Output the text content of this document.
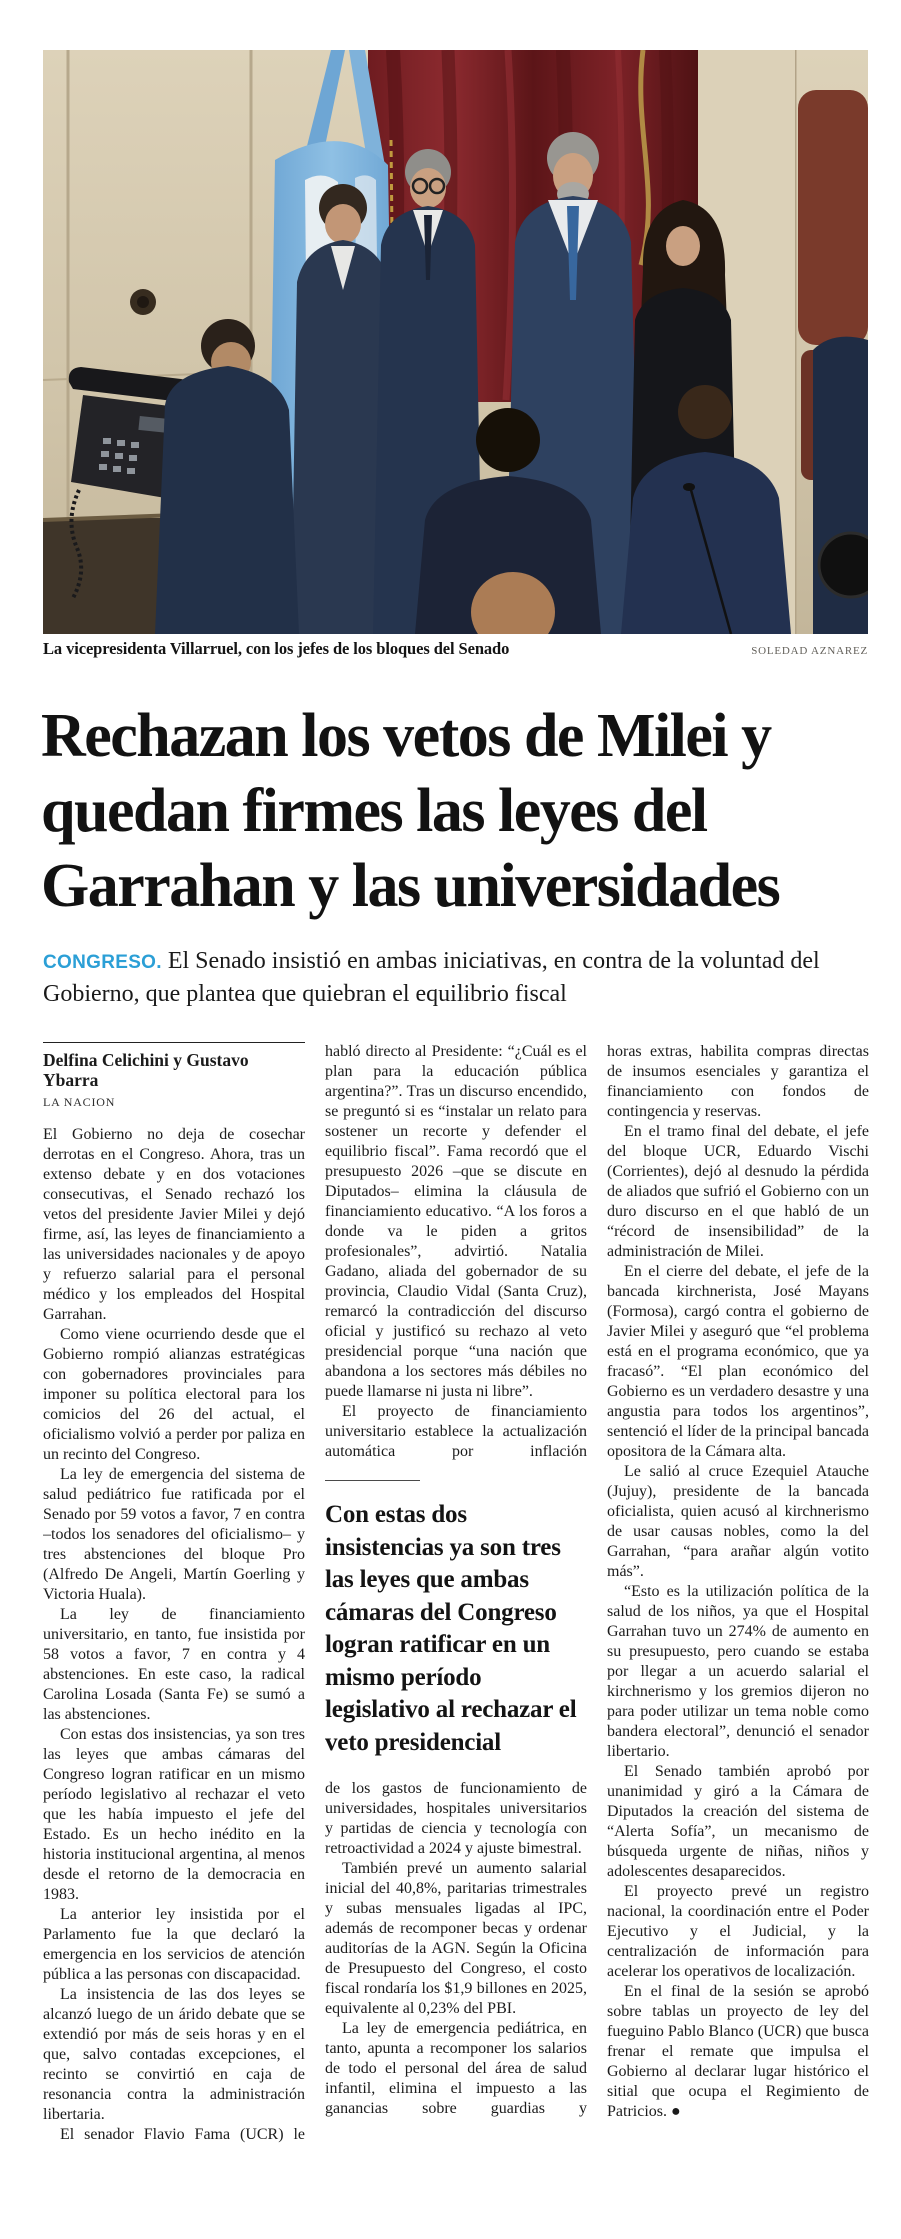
La vicepresidenta Villarruel, con los jefes de los bloques del Senado	SOLEDAD AZNAREZ
Rechazan los vetos de Milei y
quedan firmes las leyes del
Garrahan y las universidades

CONGRESO. El Senado insistió en ambas iniciativas, en contra de la voluntad del Gobierno, que plantea que quiebran el equilibrio fiscal

Delfina Celichini y Gustavo Ybarra
LA NACION

El Gobierno no deja de cosechar derrotas en el Congreso. Ahora, tras un extenso debate y en dos votaciones consecutivas, el Senado rechazó los vetos del presidente Javier Milei y dejó firme, así, las leyes de financiamiento a las universidades nacionales y de apoyo y refuerzo salarial para el personal médico y los empleados del Hospital Garrahan.

Como viene ocurriendo desde que el Gobierno rompió alianzas estratégicas con gobernadores provinciales para imponer su política electoral para los comicios del 26 del actual, el oficialismo volvió a perder por paliza en un recinto del Congreso.

La ley de emergencia del sistema de salud pediátrico fue ratificada por el Senado por 59 votos a favor, 7 en contra –todos los senadores del oficialismo– y tres abstenciones del bloque Pro (Alfredo De Angeli, Martín Goerling y Victoria Huala).

La ley de financiamiento universitario, en tanto, fue insistida por 58 votos a favor, 7 en contra y 4 abstenciones. En este caso, la radical Carolina Losada (Santa Fe) se sumó a las abstenciones.

Con estas dos insistencias, ya son tres las leyes que ambas cámaras del Congreso logran ratificar en un mismo período legislativo al rechazar el veto que les había impuesto el jefe del Estado. Es un hecho inédito en la historia institucional argentina, al menos desde el retorno de la democracia en 1983.

La anterior ley insistida por el Parlamento fue la que declaró la emergencia en los servicios de atención pública a las personas con discapacidad.

La insistencia de las dos leyes se alcanzó luego de un árido debate que se extendió por más de seis horas y en el que, salvo contadas excepciones, el recinto se convirtió en caja de resonancia contra la administración libertaria.

El senador Flavio Fama (UCR) le

habló directo al Presidente: “¿Cuál es el plan para la educación pública argentina?”. Tras un discurso encendido, se preguntó si es “instalar un relato para sostener un recorte y defender el equilibrio fiscal”. Fama recordó que el presupuesto 2026 –que se discute en Diputados– elimina la cláusula de financiamiento educativo. “A los foros a donde va le piden a gritos profesionales”, advirtió. Natalia Gadano, aliada del gobernador de su provincia, Claudio Vidal (Santa Cruz), remarcó la contradicción del discurso oficial y justificó su rechazo al veto presidencial porque “una nación que abandona a los sectores más débiles no puede llamarse ni justa ni libre”.

El proyecto de financiamiento universitario establece la actualización automática por inflación

Con estas dos insistencias ya son tres las leyes que ambas cámaras del Congreso logran ratificar en un mismo período legislativo al rechazar el veto presidencial

de los gastos de funcionamiento de universidades, hospitales universitarios y partidas de ciencia y tecnología con retroactividad a 2024 y ajuste bimestral.

También prevé un aumento salarial inicial del 40,8%, paritarias trimestrales y subas mensuales ligadas al IPC, además de recomponer becas y ordenar auditorías de la AGN. Según la Oficina de Presupuesto del Congreso, el costo fiscal rondaría los $1,9 billones en 2025, equivalente al 0,23% del PBI.

La ley de emergencia pediátrica, en tanto, apunta a recomponer los salarios de todo el personal del área de salud infantil, elimina el impuesto a las ganancias sobre guardias y

horas extras, habilita compras directas de insumos esenciales y garantiza el financiamiento con fondos de contingencia y reservas.

En el tramo final del debate, el jefe del bloque UCR, Eduardo Vischi (Corrientes), dejó al desnudo la pérdida de aliados que sufrió el Gobierno con un duro discurso en el que habló de un “récord de insensibilidad” de la administración de Milei.

En el cierre del debate, el jefe de la bancada kirchnerista, José Mayans (Formosa), cargó contra el gobierno de Javier Milei y aseguró que “el problema está en el programa económico, que ya fracasó”. “El plan económico del Gobierno es un verdadero desastre y una angustia para todos los argentinos”, sentenció el líder de la principal bancada opositora de la Cámara alta.

Le salió al cruce Ezequiel Atauche (Jujuy), presidente de la bancada oficialista, quien acusó al kirchnerismo de usar causas nobles, como la del Garrahan, “para arañar algún votito más”.

“Esto es la utilización política de la salud de los niños, ya que el Hospital Garrahan tuvo un 274% de aumento en su presupuesto, pero cuando se estaba por llegar a un acuerdo salarial el kirchnerismo y los gremios dijeron no para poder utilizar un tema noble como bandera electoral”, denunció el senador libertario.

El Senado también aprobó por unanimidad y giró a la Cámara de Diputados la creación del sistema de “Alerta Sofía”, un mecanismo de búsqueda urgente de niñas, niños y adolescentes desaparecidos.

El proyecto prevé un registro nacional, la coordinación entre el Poder Ejecutivo y el Judicial, y la centralización de información para acelerar los operativos de localización.

En el final de la sesión se aprobó sobre tablas un proyecto de ley del fueguino Pablo Blanco (UCR) que busca frenar el remate que impulsa el Gobierno al declarar lugar histórico el sitial que ocupa el Regimiento de Patricios. ●
